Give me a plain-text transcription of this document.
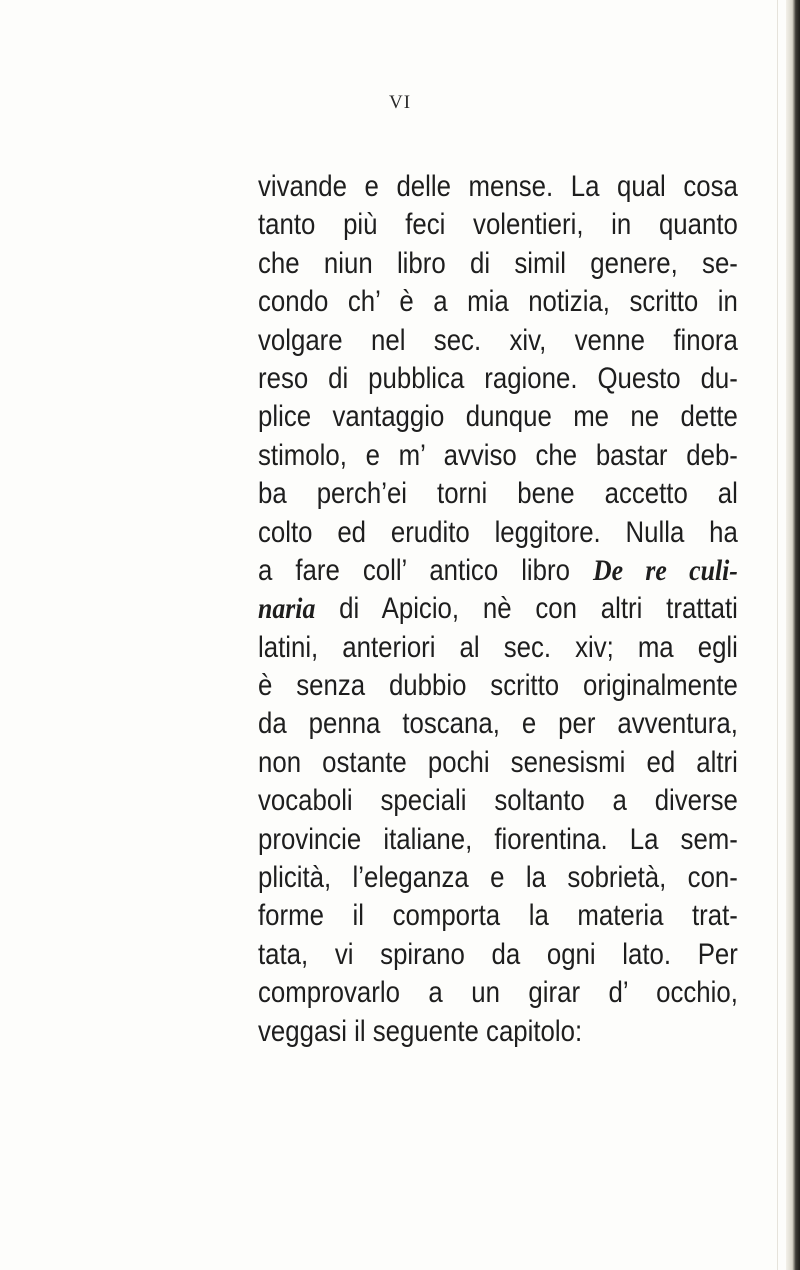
VI
vivande e delle mense. La qual cosa
tanto più feci volentieri, in quanto
che niun libro di simil genere, se-
condo ch’ è a mia notizia, scritto in
volgare nel sec. xiv, venne finora
reso di pubblica ragione. Questo du-
plice vantaggio dunque me ne dette
stimolo, e m’ avviso che bastar deb-
ba perch’ei torni bene accetto al
colto ed erudito leggitore. Nulla ha
a fare coll’ antico libro De re culi-
naria di Apicio, nè con altri trattati
latini, anteriori al sec. xiv; ma egli
è senza dubbio scritto originalmente
da penna toscana, e per avventura,
non ostante pochi senesismi ed altri
vocaboli speciali soltanto a diverse
provincie italiane, fiorentina. La sem-
plicità, l’eleganza e la sobrietà, con-
forme il comporta la materia trat-
tata, vi spirano da ogni lato. Per
comprovarlo a un girar d’ occhio,
veggasi il seguente capitolo:
